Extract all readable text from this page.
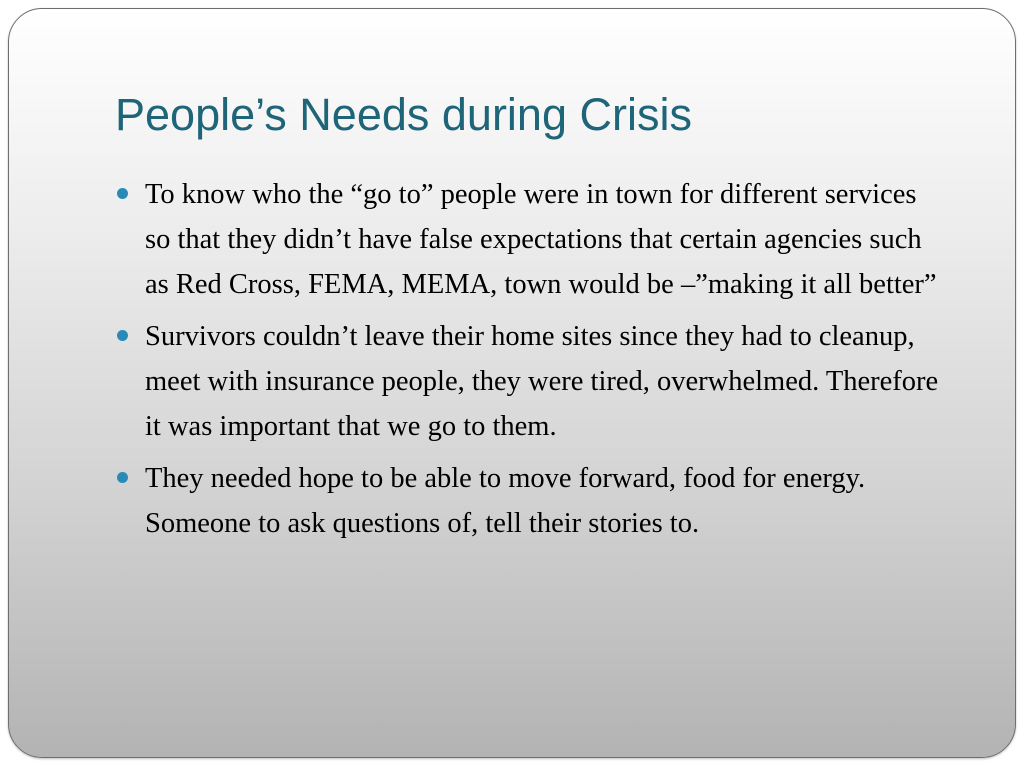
People’s Needs during Crisis
To know who the “go to” people were in town for different services so that they didn’t have false expectations that certain agencies such as Red Cross, FEMA, MEMA, town would be –”making it all better”
Survivors couldn’t leave their home sites since they had to cleanup, meet with insurance people, they were tired, overwhelmed. Therefore it was important that we go to them.
They needed hope to be able to move forward, food for energy. Someone to ask questions of, tell their stories to.
